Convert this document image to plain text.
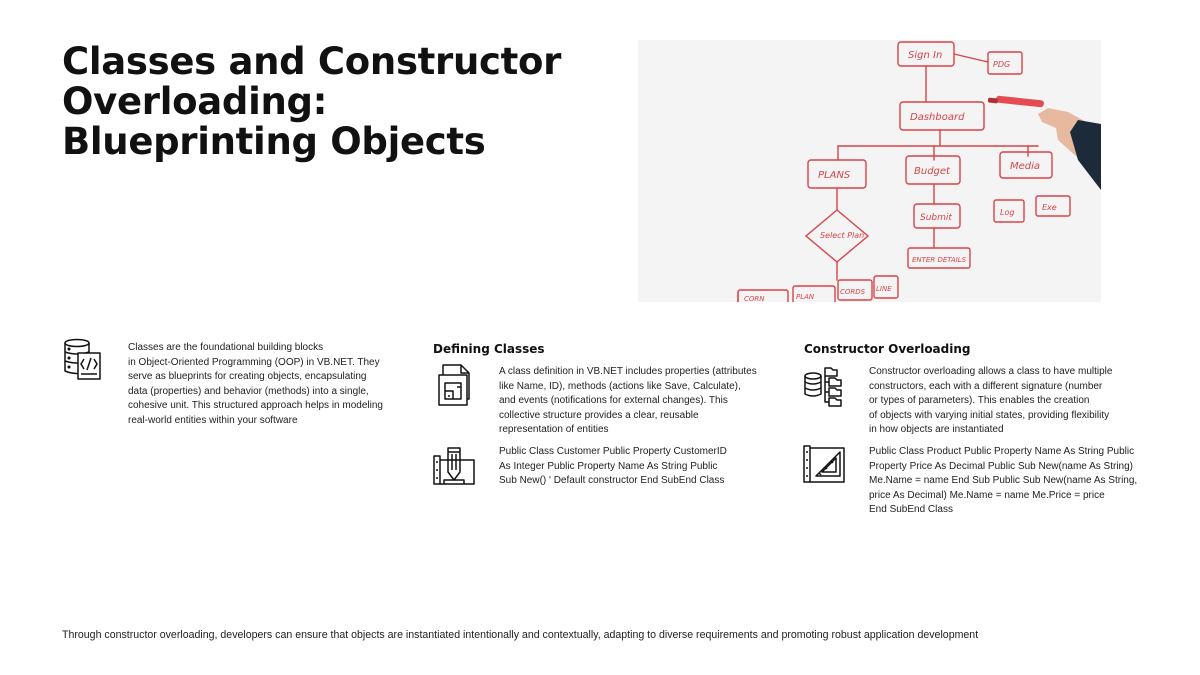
Classes and Constructor
Overloading:
Blueprinting Objects
Sign In
PDG
Dashboard
PLANS	Budget	Media
Select Plan
Submit
ENTER DETAILS
Log
Exe
CORDS LINE
PLAN
CORN

Classes are the foundational building blocks
in Object-Oriented Programming (OOP) in VB.NET. They
serve as blueprints for creating objects, encapsulating
data (properties) and behavior (methods) into a single,
cohesive unit. This structured approach helps in modeling
real-world entities within your software

Defining Classes

A class definition in VB.NET includes properties (attributes
like Name, ID), methods (actions like Save, Calculate),
and events (notifications for external changes). This
collective structure provides a clear, reusable
representation of entities

Public Class Customer Public Property CustomerID
As Integer Public Property Name As String Public
Sub New() ' Default constructor End SubEnd Class

Constructor Overloading

Constructor overloading allows a class to have multiple
constructors, each with a different signature (number
or types of parameters). This enables the creation
of objects with varying initial states, providing flexibility
in how objects are instantiated

Public Class Product Public Property Name As String Public
Property Price As Decimal Public Sub New(name As String)
Me.Name = name End Sub Public Sub New(name As String,
price As Decimal) Me.Name = name Me.Price = price
End SubEnd Class

Through constructor overloading, developers can ensure that objects are instantiated intentionally and contextually, adapting to diverse requirements and promoting robust application development
